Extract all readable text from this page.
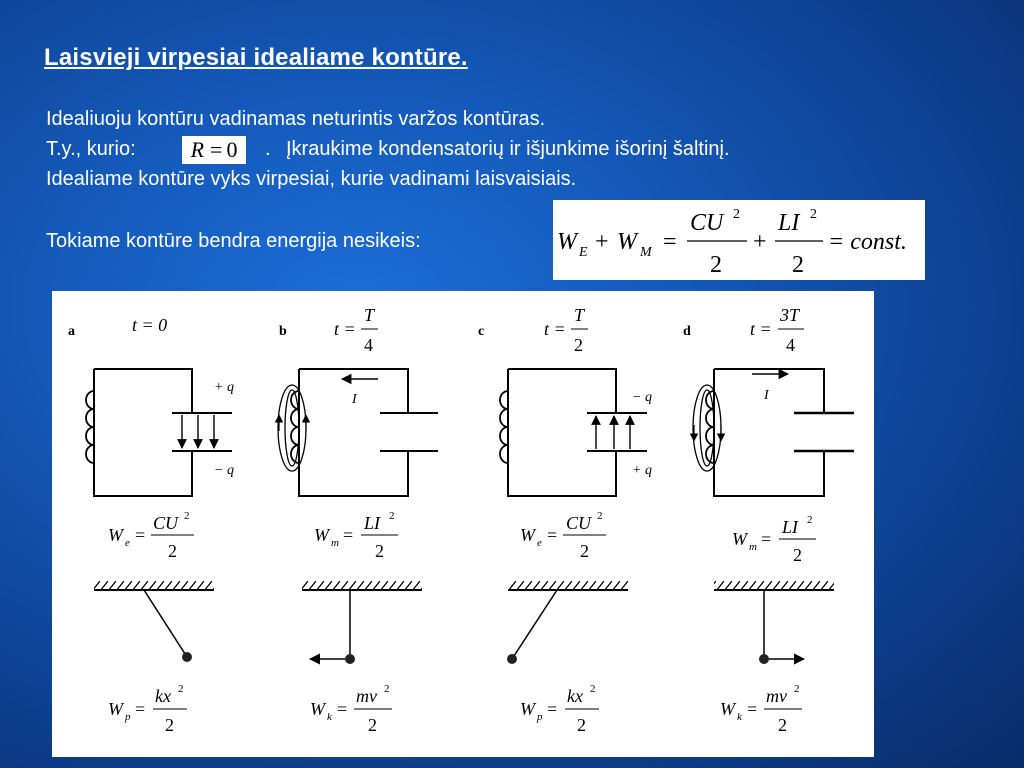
Laisvieji virpesiai idealiame kontūre.
Idealiuoju kontūru vadinamas neturintis varžos kontūras.
T.y., kurio: R = 0 . Įkraukime kondensatorių ir išjunkime išorinį šaltinį.
Idealiame kontūre vyks virpesiai, kurie vadinami laisvaisiais.
Tokiame kontūre bendra energija nesikeis:	W E + W M =
CU 2
2
+
LI 2
2
= const.
a	t = 0
+ q
− q
W e =
CU 2
2
W p =
kx 2
2
b	t =
T
4
I
W m =
LI 2
2
W k =
mv 2
2
c	t =
T
2
− q
+ q
W e =
CU 2
2
W p =
kx 2
2
d	t =
3T
4
I
W m =
LI 2
2
W k =
mv 2
2
